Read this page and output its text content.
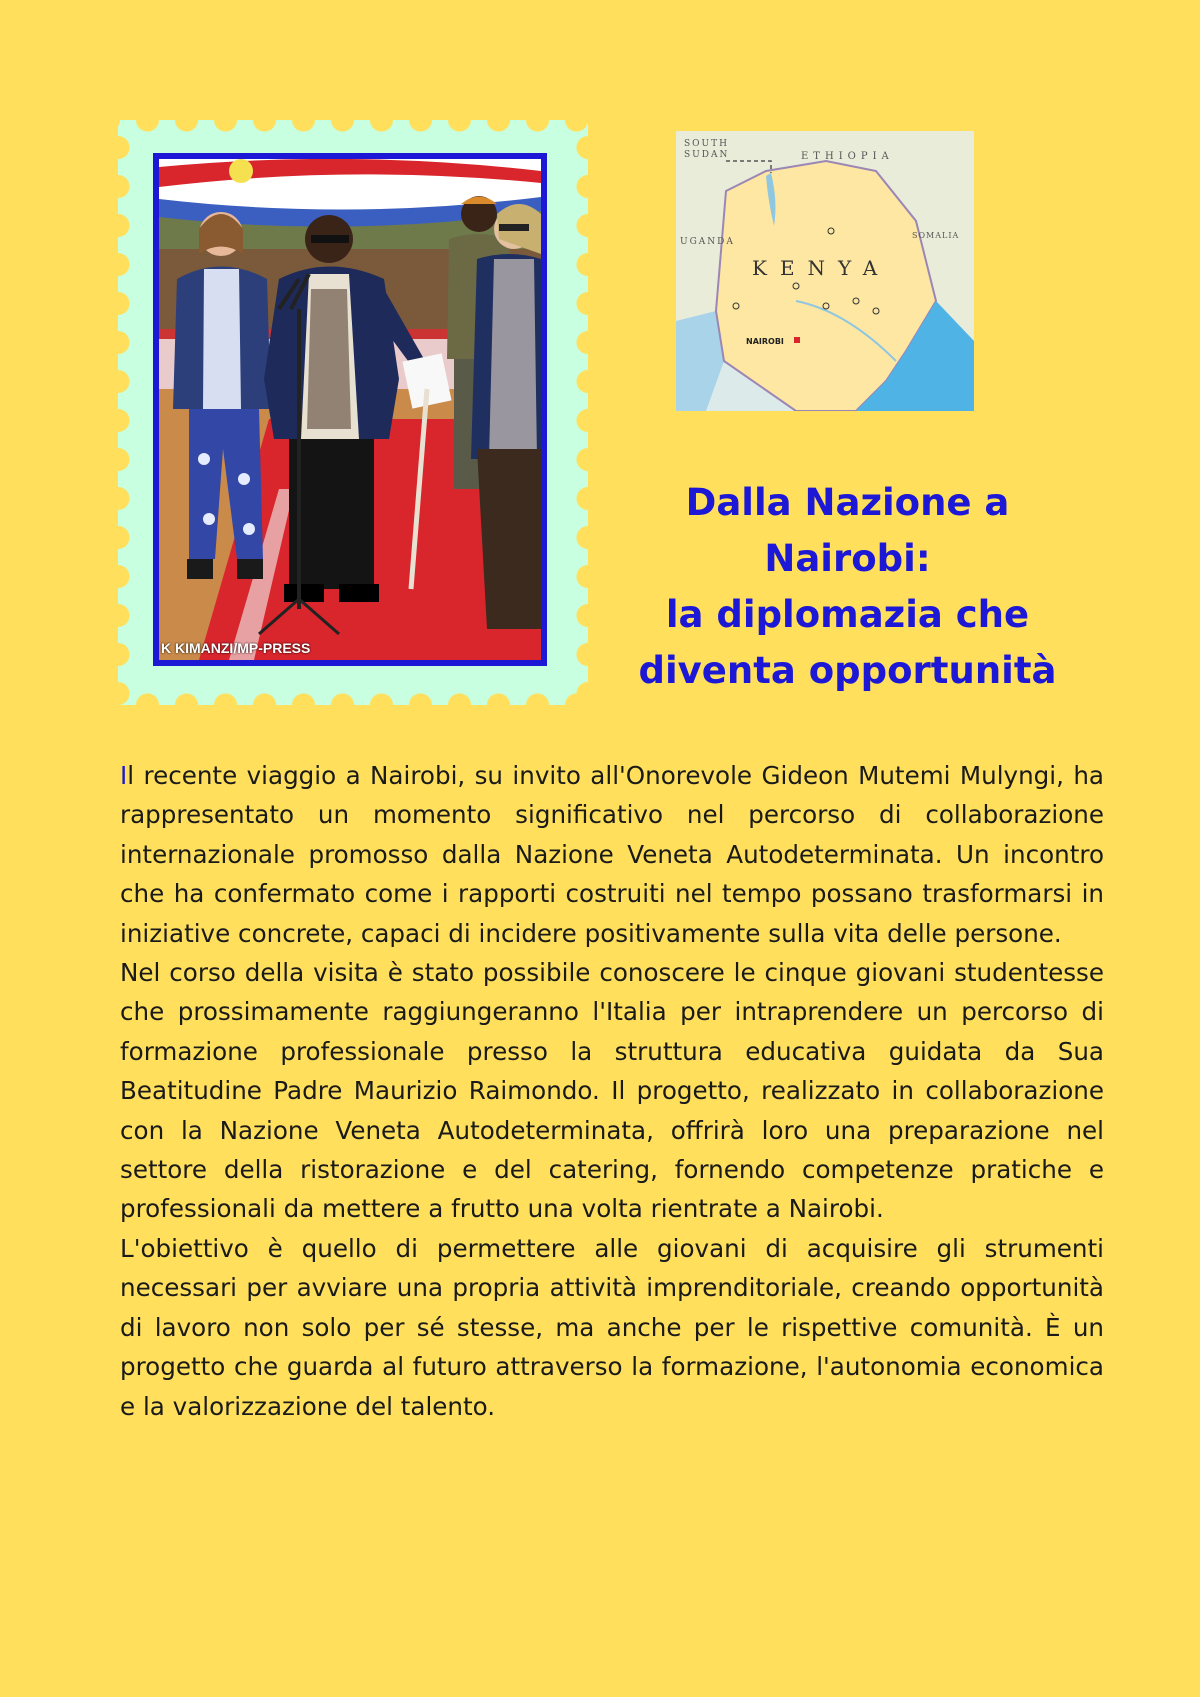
K KIMANZI/MP-PRESS
SOUTH SUDAN	ETHIOPIA
UGANDA
KENYA
SOMALIA
NAIROBI
Dalla Nazione a Nairobi:
la diplomazia che
diventa opportunità

Il recente viaggio a Nairobi, su invito all'Onorevole Gideon Mutemi Mulyngi, ha rappresentato un momento significativo nel percorso di collaborazione internazionale promosso dalla Nazione Veneta Autodeterminata. Un incontro che ha confermato come i rapporti costruiti nel tempo possano trasformarsi in iniziative concrete, capaci di incidere positivamente sulla vita delle persone.

Nel corso della visita è stato possibile conoscere le cinque giovani studentesse che prossimamente raggiungeranno l'Italia per intraprendere un percorso di formazione professionale presso la struttura educativa guidata da Sua Beatitudine Padre Maurizio Raimondo. Il progetto, realizzato in collaborazione con la Nazione Veneta Autodeterminata, offrirà loro una preparazione nel settore della ristorazione e del catering, fornendo competenze pratiche e professionali da mettere a frutto una volta rientrate a Nairobi.

L'obiettivo è quello di permettere alle giovani di acquisire gli strumenti necessari per avviare una propria attività imprenditoriale, creando opportunità di lavoro non solo per sé stesse, ma anche per le rispettive comunità. È un progetto che guarda al futuro attraverso la formazione, l'autonomia economica e la valorizzazione del talento.
